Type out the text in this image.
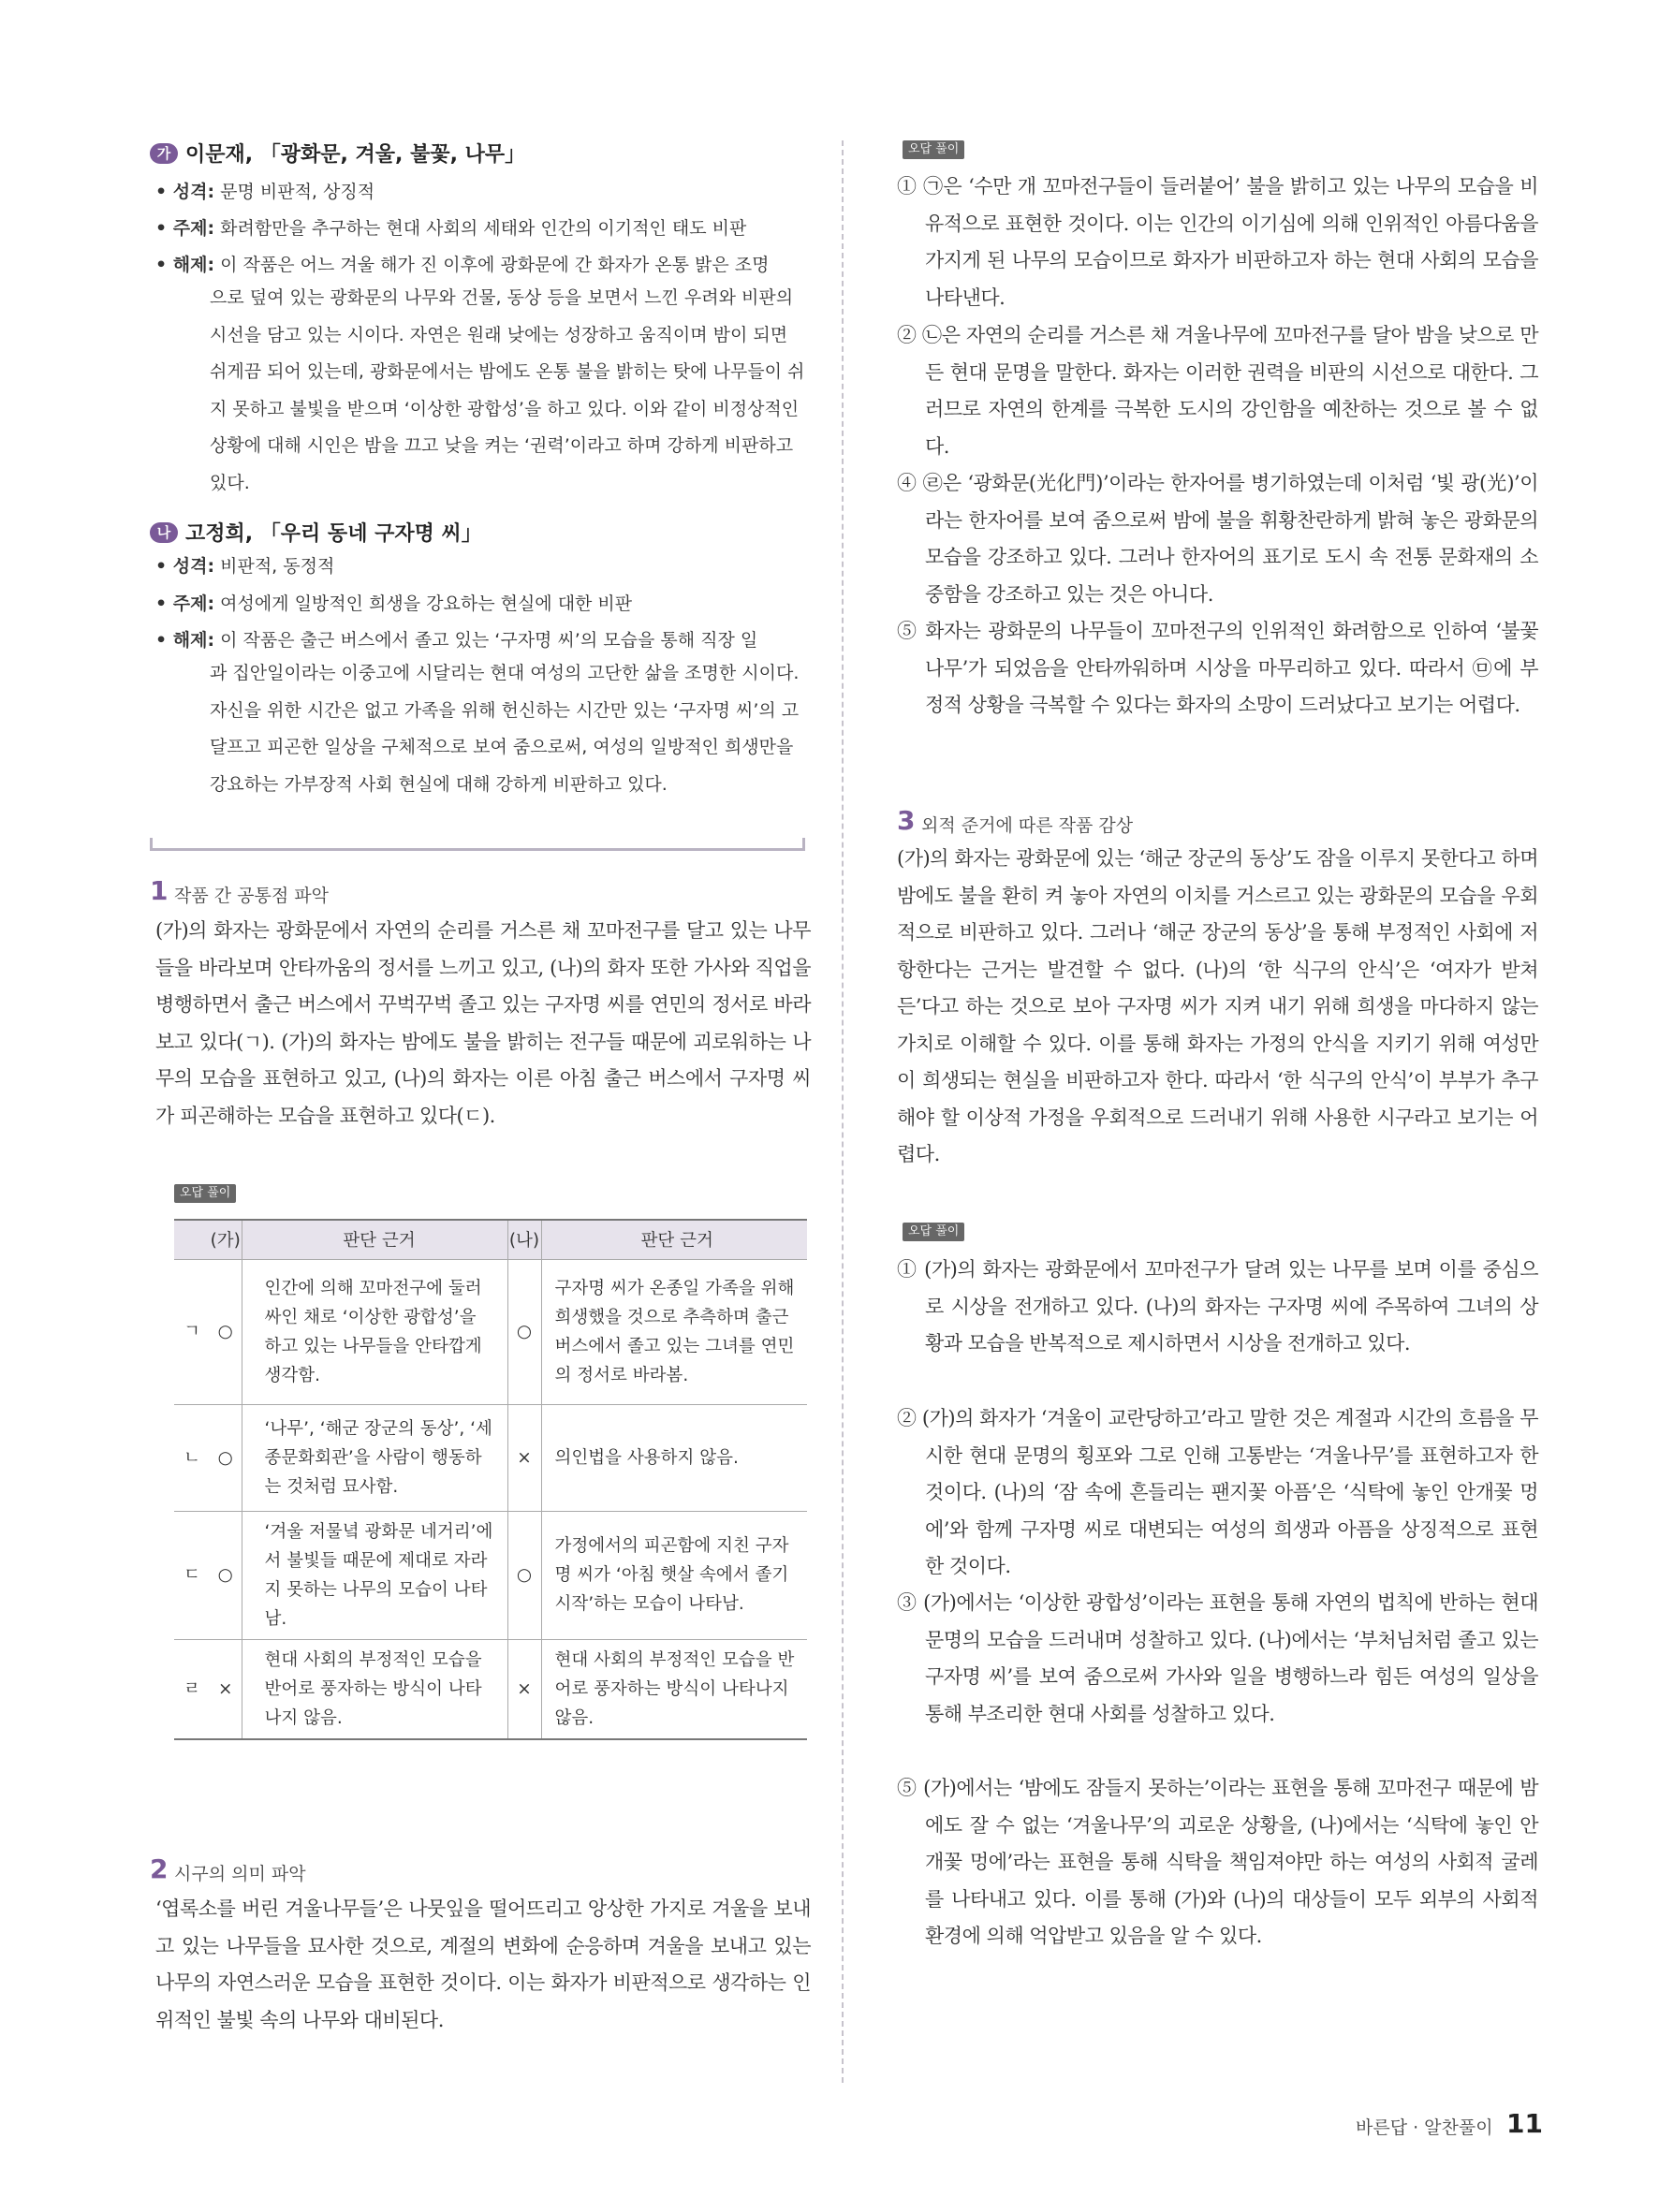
가 이문재, 「광화문, 겨울, 불꽃, 나무」
• 성격: 문명 비판적, 상징적
• 주제: 화려함만을 추구하는 현대 사회의 세태와 인간의 이기적인 태도 비판
• 해제: 이 작품은 어느 겨울 해가 진 이후에 광화문에 간 화자가 온통 밝은 조명
으로 덮여 있는 광화문의 나무와 건물, 동상 등을 보면서 느낀 우려와 비판의 시선을 담고 있는 시이다. 자연은 원래 낮에는 성장하고 움직이며 밤이 되면 쉬게끔 되어 있는데, 광화문에서는 밤에도 온통 불을 밝히는 탓에 나무들이 쉬지 못하고 불빛을 받으며 ‘이상한 광합성’을 하고 있다. 이와 같이 비정상적인 상황에 대해 시인은 밤을 끄고 낮을 켜는 ‘권력’이라고 하며 강하게 비판하고 있다.
나 고정희, 「우리 동네 구자명 씨」
• 성격: 비판적, 동정적
• 주제: 여성에게 일방적인 희생을 강요하는 현실에 대한 비판
• 해제: 이 작품은 출근 버스에서 졸고 있는 ‘구자명 씨’의 모습을 통해 직장 일
과 집안일이라는 이중고에 시달리는 현대 여성의 고단한 삶을 조명한 시이다. 자신을 위한 시간은 없고 가족을 위해 헌신하는 시간만 있는 ‘구자명 씨’의 고달프고 피곤한 일상을 구체적으로 보여 줌으로써, 여성의 일방적인 희생만을 강요하는 가부장적 사회 현실에 대해 강하게 비판하고 있다.
1 작품 간 공통점 파악
(가)의 화자는 광화문에서 자연의 순리를 거스른 채 꼬마전구를 달고 있는 나무들을 바라보며 안타까움의 정서를 느끼고 있고, (나)의 화자 또한 가사와 직업을 병행하면서 출근 버스에서 꾸벅꾸벅 졸고 있는 구자명 씨를 연민의 정서로 바라보고 있다(ㄱ). (가)의 화자는 밤에도 불을 밝히는 전구들 때문에 괴로워하는 나무의 모습을 표현하고 있고, (나)의 화자는 이른 아침 출근 버스에서 구자명 씨가 피곤해하는 모습을 표현하고 있다(ㄷ).
오답 풀이
	(가)	판단 근거	(나)	판단 근거
ㄱ	○	인간에 의해 꼬마전구에 둘러싸인 채로 ‘이상한 광합성’을 하고 있는 나무들을 안타깝게 생각함.	○	구자명 씨가 온종일 가족을 위해 희생했을 것으로 추측하며 출근 버스에서 졸고 있는 그녀를 연민의 정서로 바라봄.
ㄴ	○	‘나무’, ‘해군 장군의 동상’, ‘세종문화회관’을 사람이 행동하는 것처럼 묘사함.	×	의인법을 사용하지 않음.
ㄷ	○	‘겨울 저물녘 광화문 네거리’에서 불빛들 때문에 제대로 자라지 못하는 나무의 모습이 나타남.	○	가정에서의 피곤함에 지친 구자명 씨가 ‘아침 햇살 속에서 졸기 시작’하는 모습이 나타남.
ㄹ	×	현대 사회의 부정적인 모습을 반어로 풍자하는 방식이 나타나지 않음.	×	현대 사회의 부정적인 모습을 반어로 풍자하는 방식이 나타나지 않음.
2 시구의 의미 파악
‘엽록소를 버린 겨울나무들’은 나뭇잎을 떨어뜨리고 앙상한 가지로 겨울을 보내고 있는 나무들을 묘사한 것으로, 계절의 변화에 순응하며 겨울을 보내고 있는 나무의 자연스러운 모습을 표현한 것이다. 이는 화자가 비판적으로 생각하는 인위적인 불빛 속의 나무와 대비된다.
오답 풀이
① ㉠은 ‘수만 개 꼬마전구들이 들러붙어’ 불을 밝히고 있는 나무의 모습을 비유적으로 표현한 것이다. 이는 인간의 이기심에 의해 인위적인 아름다움을 가지게 된 나무의 모습이므로 화자가 비판하고자 하는 현대 사회의 모습을 나타낸다.
② ㉡은 자연의 순리를 거스른 채 겨울나무에 꼬마전구를 달아 밤을 낮으로 만든 현대 문명을 말한다. 화자는 이러한 권력을 비판의 시선으로 대한다. 그러므로 자연의 한계를 극복한 도시의 강인함을 예찬하는 것으로 볼 수 없다.
④ ㉣은 ‘광화문(光化門)’이라는 한자어를 병기하였는데 이처럼 ‘빛 광(光)’이라는 한자어를 보여 줌으로써 밤에 불을 휘황찬란하게 밝혀 놓은 광화문의 모습을 강조하고 있다. 그러나 한자어의 표기로 도시 속 전통 문화재의 소중함을 강조하고 있는 것은 아니다.
⑤ 화자는 광화문의 나무들이 꼬마전구의 인위적인 화려함으로 인하여 ‘불꽃나무’가 되었음을 안타까워하며 시상을 마무리하고 있다. 따라서 ㉤에 부정적 상황을 극복할 수 있다는 화자의 소망이 드러났다고 보기는 어렵다.
3 외적 준거에 따른 작품 감상
(가)의 화자는 광화문에 있는 ‘해군 장군의 동상’도 잠을 이루지 못한다고 하며 밤에도 불을 환히 켜 놓아 자연의 이치를 거스르고 있는 광화문의 모습을 우회적으로 비판하고 있다. 그러나 ‘해군 장군의 동상’을 통해 부정적인 사회에 저항한다는 근거는 발견할 수 없다. (나)의 ‘한 식구의 안식’은 ‘여자가 받쳐 든’다고 하는 것으로 보아 구자명 씨가 지켜 내기 위해 희생을 마다하지 않는 가치로 이해할 수 있다. 이를 통해 화자는 가정의 안식을 지키기 위해 여성만이 희생되는 현실을 비판하고자 한다. 따라서 ‘한 식구의 안식’이 부부가 추구해야 할 이상적 가정을 우회적으로 드러내기 위해 사용한 시구라고 보기는 어렵다.
오답 풀이
① (가)의 화자는 광화문에서 꼬마전구가 달려 있는 나무를 보며 이를 중심으로 시상을 전개하고 있다. (나)의 화자는 구자명 씨에 주목하여 그녀의 상황과 모습을 반복적으로 제시하면서 시상을 전개하고 있다.
② (가)의 화자가 ‘겨울이 교란당하고’라고 말한 것은 계절과 시간의 흐름을 무시한 현대 문명의 횡포와 그로 인해 고통받는 ‘겨울나무’를 표현하고자 한 것이다. (나)의 ‘잠 속에 흔들리는 팬지꽃 아픔’은 ‘식탁에 놓인 안개꽃 멍에’와 함께 구자명 씨로 대변되는 여성의 희생과 아픔을 상징적으로 표현한 것이다.
③ (가)에서는 ‘이상한 광합성’이라는 표현을 통해 자연의 법칙에 반하는 현대 문명의 모습을 드러내며 성찰하고 있다. (나)에서는 ‘부처님처럼 졸고 있는 구자명 씨’를 보여 줌으로써 가사와 일을 병행하느라 힘든 여성의 일상을 통해 부조리한 현대 사회를 성찰하고 있다.
⑤ (가)에서는 ‘밤에도 잠들지 못하는’이라는 표현을 통해 꼬마전구 때문에 밤에도 잘 수 없는 ‘겨울나무’의 괴로운 상황을, (나)에서는 ‘식탁에 놓인 안개꽃 멍에’라는 표현을 통해 식탁을 책임져야만 하는 여성의 사회적 굴레를 나타내고 있다. 이를 통해 (가)와 (나)의 대상들이 모두 외부의 사회적 환경에 의해 억압받고 있음을 알 수 있다.
바른답 · 알찬풀이 11
